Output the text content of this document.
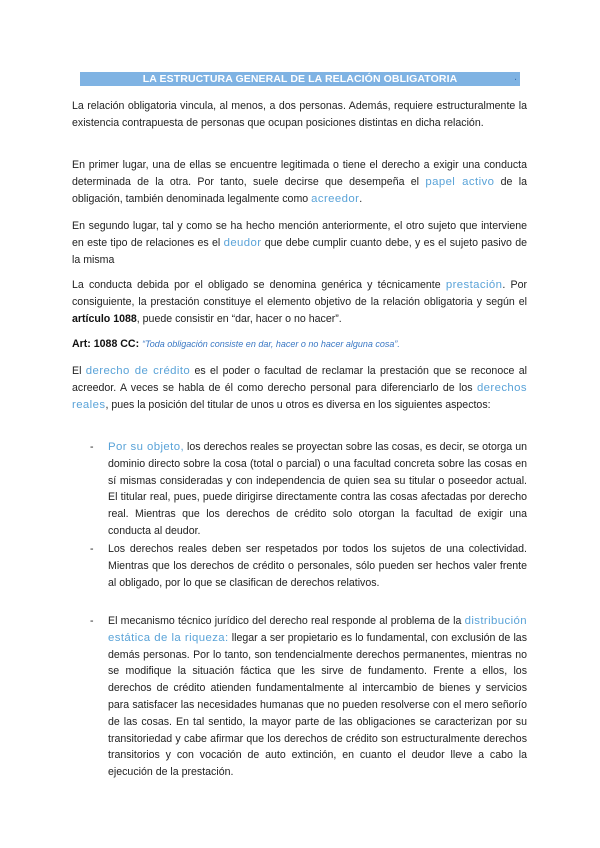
LA ESTRUCTURA GENERAL DE LA RELACIÓN OBLIGATORIA	.

La relación obligatoria vincula, al menos, a dos personas. Además, requiere estructuralmente la existencia contrapuesta de personas que ocupan posiciones distintas en dicha relación.

En primer lugar, una de ellas se encuentre legitimada o tiene el derecho a exigir una conducta determinada de la otra. Por tanto, suele decirse que desempeña el papel activo de la obligación, también denominada legalmente como acreedor.

En segundo lugar, tal y como se ha hecho mención anteriormente, el otro sujeto que interviene en este tipo de relaciones es el deudor que debe cumplir cuanto debe, y es el sujeto pasivo de la misma

La conducta debida por el obligado se denomina genérica y técnicamente prestación. Por consiguiente, la prestación constituye el elemento objetivo de la relación obligatoria y según el artículo 1088, puede consistir en “dar, hacer o no hacer”.

Art: 1088 CC: “Toda obligación consiste en dar, hacer o no hacer alguna cosa”.

El derecho de crédito es el poder o facultad de reclamar la prestación que se reconoce al acreedor. A veces se habla de él como derecho personal para diferenciarlo de los derechos reales, pues la posición del titular de unos u otros es diversa en los siguientes aspectos:

- Por su objeto, los derechos reales se proyectan sobre las cosas, es decir, se otorga un dominio directo sobre la cosa (total o parcial) o una facultad concreta sobre las cosas en sí mismas consideradas y con independencia de quien sea su titular o poseedor actual. El titular real, pues, puede dirigirse directamente contra las cosas afectadas por derecho real. Mientras que los derechos de crédito solo otorgan la facultad de exigir una conducta al deudor.

- Los derechos reales deben ser respetados por todos los sujetos de una colectividad. Mientras que los derechos de crédito o personales, sólo pueden ser hechos valer frente al obligado, por lo que se clasifican de derechos relativos.

- El mecanismo técnico jurídico del derecho real responde al problema de la distribución estática de la riqueza: llegar a ser propietario es lo fundamental, con exclusión de las demás personas. Por lo tanto, son tendencialmente derechos permanentes, mientras no se modifique la situación fáctica que les sirve de fundamento. Frente a ellos, los derechos de crédito atienden fundamentalmente al intercambio de bienes y servicios para satisfacer las necesidades humanas que no pueden resolverse con el mero señorío de las cosas. En tal sentido, la mayor parte de las obligaciones se caracterizan por su transitoriedad y cabe afirmar que los derechos de crédito son estructuralmente derechos transitorios y con vocación de auto extinción, en cuanto el deudor lleve a cabo la ejecución de la prestación.
